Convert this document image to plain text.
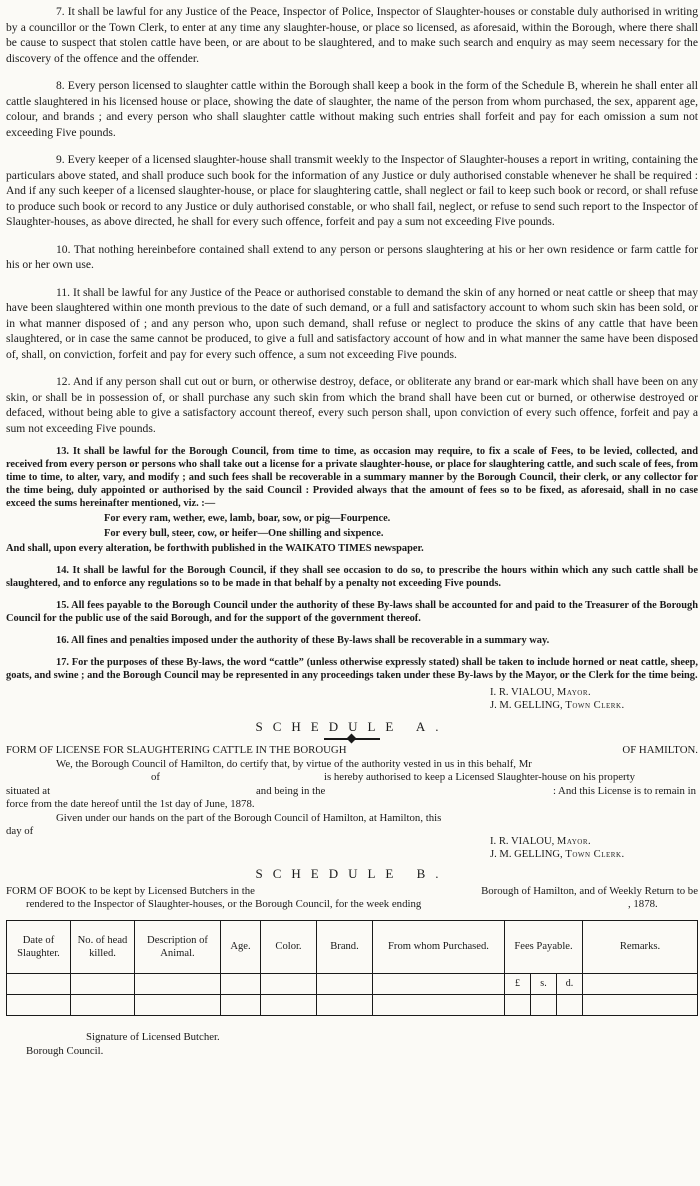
7. It shall be lawful for any Justice of the Peace, Inspector of Police, Inspector of Slaughter-houses or constable duly authorised in writing by a councillor or the Town Clerk, to enter at any time any slaughter-house, or place so licensed, as aforesaid, within the Borough, where there shall be cause to suspect that stolen cattle have been, or are about to be slaughtered, and to make such search and enquiry as may seem necessary for the discovery of the offence and the offender.

8. Every person licensed to slaughter cattle within the Borough shall keep a book in the form of the Schedule B, wherein he shall enter all cattle slaughtered in his licensed house or place, showing the date of slaughter, the name of the person from whom purchased, the sex, apparent age, colour, and brands ; and every person who shall slaughter cattle without making such entries shall forfeit and pay for each omission a sum not exceeding Five pounds.

9. Every keeper of a licensed slaughter-house shall transmit weekly to the Inspector of Slaughter-houses a report in writing, containing the particulars above stated, and shall produce such book for the information of any Justice or duly authorised constable whenever he shall be required : And if any such keeper of a licensed slaughter-house, or place for slaughtering cattle, shall neglect or fail to keep such book or record, or shall refuse to produce such book or record to any Justice or duly authorised constable, or who shall fail, neglect, or refuse to send such report to the Inspector of Slaughter-houses, as above directed, he shall for every such offence, forfeit and pay a sum not exceeding Five pounds.

10. That nothing hereinbefore contained shall extend to any person or persons slaughtering at his or her own residence or farm cattle for his or her own use.

11. It shall be lawful for any Justice of the Peace or authorised constable to demand the skin of any horned or neat cattle or sheep that may have been slaughtered within one month previous to the date of such demand, or a full and satisfactory account to whom such skin has been sold, or in what manner disposed of ; and any person who, upon such demand, shall refuse or neglect to produce the skins of any cattle that have been slaughtered, or in case the same cannot be produced, to give a full and satisfactory account of how and in what manner the same have been disposed of, shall, on conviction, forfeit and pay for every such offence, a sum not exceeding Five pounds.

12. And if any person shall cut out or burn, or otherwise destroy, deface, or obliterate any brand or ear-mark which shall have been on any skin, or shall be in possession of, or shall purchase any such skin from which the brand shall have been cut or burned, or otherwise destroyed or defaced, without being able to give a satisfactory account thereof, every such person shall, upon conviction of every such offence, forfeit and pay a sum not exceeding Five pounds.

13. It shall be lawful for the Borough Council, from time to time, as occasion may require, to fix a scale of Fees, to be levied, collected, and received from every person or persons who shall take out a license for a private slaughter-house, or place for slaughtering cattle, and such scale of fees, from time to time, to alter, vary, and modify ; and such fees shall be recoverable in a summary manner by the Borough Council, their clerk, or any collector for the time being, duly appointed or authorised by the said Council : Provided always that the amount of fees so to be fixed, as aforesaid, shall in no case exceed the sums hereinafter mentioned, viz. :—

For every ram, wether, ewe, lamb, boar, sow, or pig—Fourpence.
For every bull, steer, cow, or heifer—One shilling and sixpence.

And shall, upon every alteration, be forthwith published in the WAIKATO TIMES newspaper.

14. It shall be lawful for the Borough Council, if they shall see occasion to do so, to prescribe the hours within which any such cattle shall be slaughtered, and to enforce any regulations so to be made in that behalf by a penalty not exceeding Five pounds.

15. All fees payable to the Borough Council under the authority of these By-laws shall be accounted for and paid to the Treasurer of the Borough Council for the public use of the said Borough, and for the support of the government thereof.

16. All fines and penalties imposed under the authority of these By-laws shall be recoverable in a summary way.

17. For the purposes of these By-laws, the word “cattle” (unless otherwise expressly stated) shall be taken to include horned or neat cattle, sheep, goats, and swine ; and the Borough Council may be represented in any proceedings taken under these By-laws by the Mayor, or the Clerk for the time being.

I. R. VIALOU, Mayor.
J. M. GELLING, Town Clerk.
SCHEDULE A.
FORM OF LICENSE FOR SLAUGHTERING CATTLE IN THE BOROUGH	OF HAMILTON.
We, the Borough Council of Hamilton, do certify that, by virtue of the authority vested in us in this behalf, Mr
of	is hereby authorised to keep a Licensed Slaughter-house on his property
situated at	and being in the	: And this License is to remain in
force from the date hereof until the 1st day of June, 1878.
Given under our hands on the part of the Borough Council of Hamilton, at Hamilton, this
day of
I. R. VIALOU, Mayor.
J. M. GELLING, Town Clerk.
SCHEDULE B.
FORM OF BOOK to be kept by Licensed Butchers in the	Borough of Hamilton, and of Weekly Return to be
rendered to the Inspector of Slaughter-houses, or the Borough Council, for the week ending	, 1878.
Date of Slaughter.	No. of head killed.	Description of Animal.	Age.	Color.	Brand.	From whom Purchased.	Fees Payable.			Remarks.
							£	s.	d.	

Signature of Licensed Butcher.
Borough Council.
